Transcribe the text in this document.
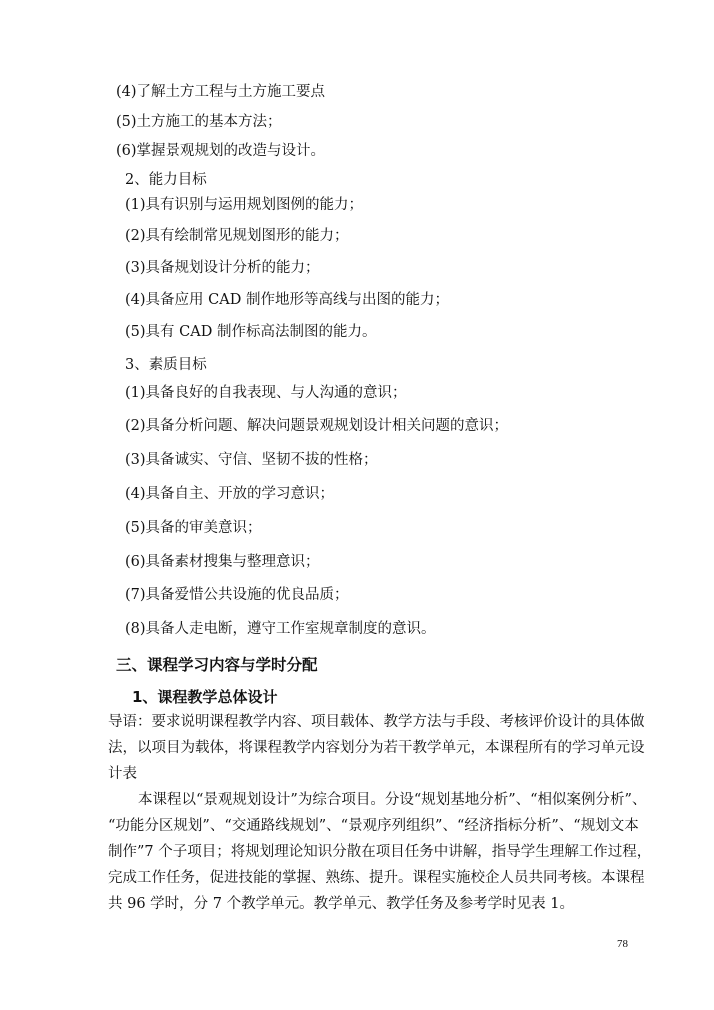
(4)了解土方工程与土方施工要点
(5)土方施工的基本方法；
(6)掌握景观规划的改造与设计。
2、能力目标
(1)具有识别与运用规划图例的能力；
(2)具有绘制常见规划图形的能力；
(3)具备规划设计分析的能力；
(4)具备应用 CAD 制作地形等高线与出图的能力；
(5)具有 CAD 制作标高法制图的能力。
3、素质目标
(1)具备良好的自我表现、与人沟通的意识；
(2)具备分析问题、解决问题景观规划设计相关问题的意识；
(3)具备诚实、守信、坚韧不拔的性格；
(4)具备自主、开放的学习意识；
(5)具备的审美意识；
(6)具备素材搜集与整理意识；
(7)具备爱惜公共设施的优良品质；
(8)具备人走电断，遵守工作室规章制度的意识。
三、课程学习内容与学时分配
1、课程教学总体设计
导语：要求说明课程教学内容、项目载体、教学方法与手段、考核评价设计的具体做
法，以项目为载体，将课程教学内容划分为若干教学单元，本课程所有的学习单元设
计表
本课程以“景观规划设计”为综合项目。分设“规划基地分析”、“相似案例分析”、
“功能分区规划”、“交通路线规划”、“景观序列组织”、“经济指标分析”、“规划文本
制作”7 个子项目；将规划理论知识分散在项目任务中讲解，指导学生理解工作过程，
完成工作任务，促进技能的掌握、熟练、提升。课程实施校企人员共同考核。本课程
共 96 学时，分 7 个教学单元。教学单元、教学任务及参考学时见表 1。
78
